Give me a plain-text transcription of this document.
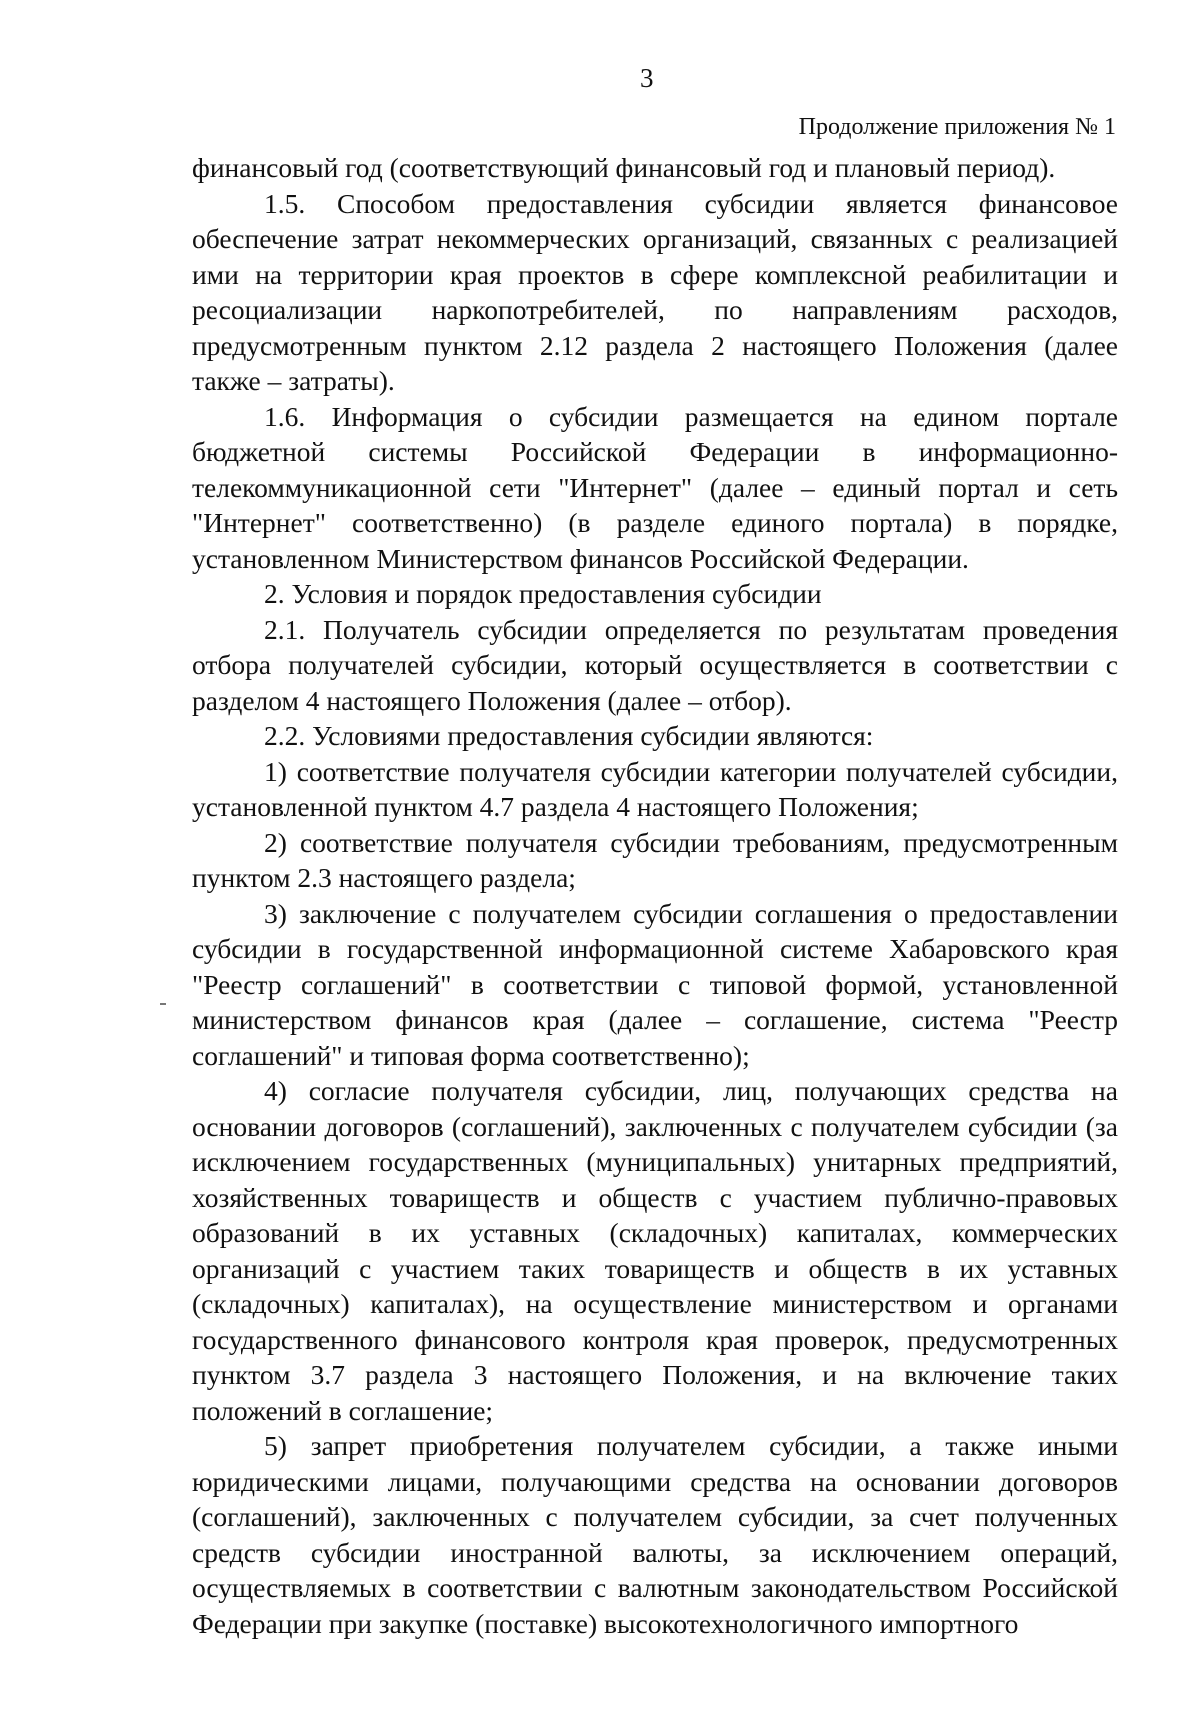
3
Продолжение приложения № 1

финансовый год (соответствующий финансовый год и плановый период).

1.5. Способом предоставления субсидии является финансовое обеспечение затрат некоммерческих организаций, связанных с реализацией ими на территории края проектов в сфере комплексной реабилитации и ресоциализации наркопотребителей, по направлениям расходов, предусмотренным пунктом 2.12 раздела 2 настоящего Положения (далее также – затраты).

1.6. Информация о субсидии размещается на едином портале бюджетной системы Российской Федерации в информационно-телекоммуникационной сети "Интернет" (далее – единый портал и сеть "Интернет" соответственно) (в разделе единого портала) в порядке, установленном Министерством финансов Российской Федерации.

2. Условия и порядок предоставления субсидии

2.1. Получатель субсидии определяется по результатам проведения отбора получателей субсидии, который осуществляется в соответствии с разделом 4 настоящего Положения (далее – отбор).

2.2. Условиями предоставления субсидии являются:

1) соответствие получателя субсидии категории получателей субсидии, установленной пунктом 4.7 раздела 4 настоящего Положения;

2) соответствие получателя субсидии требованиям, предусмотренным пунктом 2.3 настоящего раздела;

3) заключение с получателем субсидии соглашения о предоставлении субсидии в государственной информационной системе Хабаровского края "Реестр соглашений" в соответствии с типовой формой, установленной министерством финансов края (далее – соглашение, система "Реестр соглашений" и типовая форма соответственно);

4) согласие получателя субсидии, лиц, получающих средства на основании договоров (соглашений), заключенных с получателем субсидии (за исключением государственных (муниципальных) унитарных предприятий, хозяйственных товариществ и обществ с участием публично-правовых образований в их уставных (складочных) капиталах, коммерческих организаций с участием таких товариществ и обществ в их уставных (складочных) капиталах), на осуществление министерством и органами государственного финансового контроля края проверок, предусмотренных пунктом 3.7 раздела 3 настоящего Положения, и на включение таких положений в соглашение;

5) запрет приобретения получателем субсидии, а также иными юридическими лицами, получающими средства на основании договоров (соглашений), заключенных с получателем субсидии, за счет полученных средств субсидии иностранной валюты, за исключением операций, осуществляемых в соответствии с валютным законодательством Российской Федерации при закупке (поставке) высокотехнологичного импортного
